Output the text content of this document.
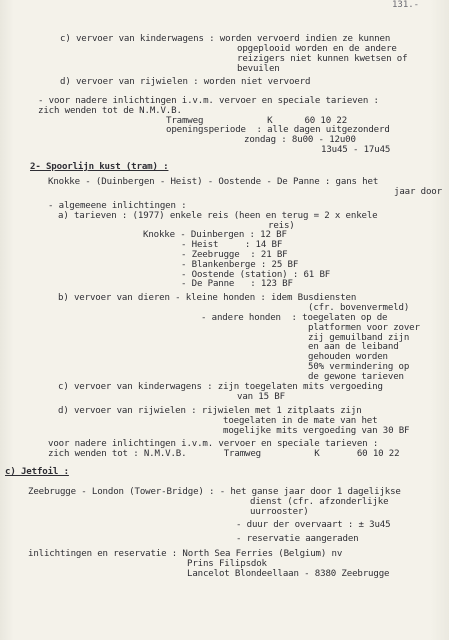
131.-
c) vervoer van kinderwagens : worden vervoerd indien ze kunnen
opgeplooid worden en de andere
reizigers niet kunnen kwetsen of
bevuilen
d) vervoer van rijwielen : worden niet vervoerd
- voor nadere inlichtingen i.v.m. vervoer en speciale tarieven :
zich wenden tot de N.M.V.B.
Tramweg            K      60 10 22
openingsperiode  : alle dagen uitgezonderd
zondag : 8u00 - 12u00
13u45 - 17u45
2- Spoorlijn kust (tram) :
Knokke - (Duinbergen - Heist) - Oostende - De Panne : gans het
jaar door
- algemeene inlichtingen :
a) tarieven : (1977) enkele reis (heen en terug = 2 x enkele
reis)
Knokke - Duinbergen : 12 BF
- Heist     : 14 BF
- Zeebrugge  : 21 BF
- Blankenberge : 25 BF
- Oostende (station) : 61 BF
- De Panne   : 123 BF
b) vervoer van dieren - kleine honden : idem Busdiensten
(cfr. bovenvermeld)
- andere honden  : toegelaten op de
platformen voor zover
zij gemuilband zijn
en aan de leiband
gehouden worden
50% vermindering op
de gewone tarieven
c) vervoer van kinderwagens : zijn toegelaten mits vergoeding
van 15 BF
d) vervoer van rijwielen : rijwielen met 1 zitplaats zijn
toegelaten in de mate van het
mogelijke mits vergoeding van 30 BF
voor nadere inlichtingen i.v.m. vervoer en speciale tarieven :
zich wenden tot : N.M.V.B.       Tramweg          K       60 10 22
c) Jetfoil :
Zeebrugge - London (Tower-Bridge) : - het ganse jaar door 1 dagelijkse
dienst (cfr. afzonderlijke
uurrooster)
- duur der overvaart : ± 3u45
- reservatie aangeraden
inlichtingen en reservatie : North Sea Ferries (Belgium) nv
Prins Filipsdok
Lancelot Blondeellaan - 8380 Zeebrugge
